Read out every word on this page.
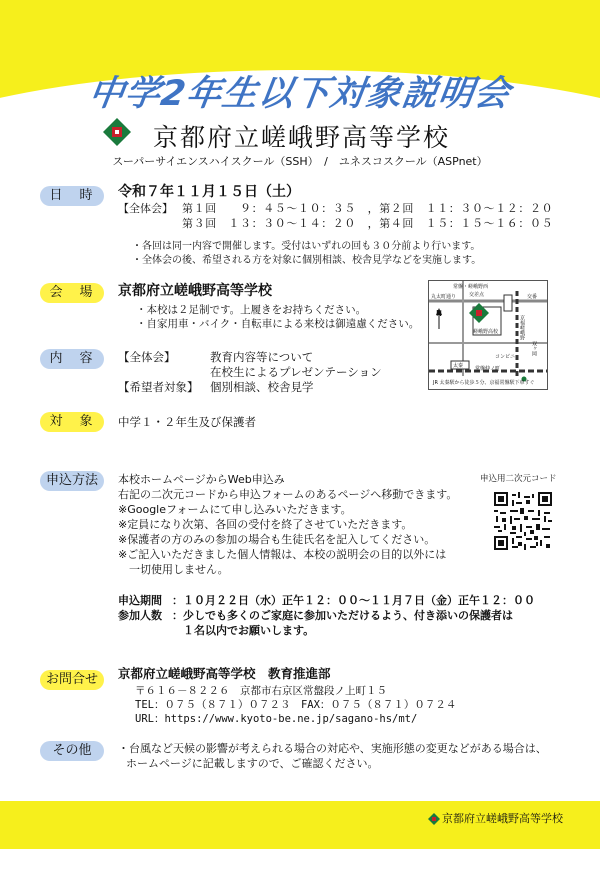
中学2年生以下対象説明会
京都府立嵯峨野高等学校
スーパーサイエンスハイスクール（SSH）　/　ユネスコスクール（ASPnet）
日　時	令和７年１１月１５日（土）
【全体会】 第１回　　９：４５～１０：３５　，第２回　１１：３０～１２：２０
第３回　１３：３０～１４：２０　，第４回　１５：１５～１６：０５
・各回は同一内容で開催します。受付はいずれの回も３０分前より行います。
・全体会の後、希望される方を対象に個別相談、校舎見学などを実施します。
会　場	京都府立嵯峨野高等学校
・本校は２足制です。上履きをお持ちください。
・自家用車・バイク・自転車による来校は御遠慮ください。
常盤・嵯峨野西
丸太町通り	交差点	交番
N
嵯峨野高校
コンビニ
京福嵯峨野
双ヶ岡
常盤仲ノ町
太秦
JR 太秦駅から徒歩５分、京福常盤駅下車すぐ
内　容	【全体会】	教育内容等について
在校生によるプレゼンテーション
【希望者対象】 個別相談、校舎見学
対　象	中学１・２年生及び保護者
申込方法	申込用二次元コード
本校ホームページからWeb申込み
右記の二次元コードから申込フォームのあるページへ移動できます。
※Googleフォームにて申し込みいただきます。
※定員になり次第、各回の受付を終了させていただきます。
※保護者の方のみの参加の場合も生徒氏名を記入してください。
※ご記入いただきました個人情報は、本校の説明会の目的以外には
　一切使用しません。
申込期間 ：１０月２２日（水）正午１２：００～１１月７日（金）正午１２：００
参加人数 ：少しでも多くのご家庭に参加いただけるよう、付き添いの保護者は
１名以内でお願いします。
お問合せ	京都府立嵯峨野高等学校　教育推進部
〒６１６－８２２６　京都市右京区常盤段ノ上町１５
TEL：０７５（８７１）０７２３　FAX：０７５（８７１）０７２４
URL：https://www.kyoto-be.ne.jp/sagano-hs/mt/
その他	・台風など天候の影響が考えられる場合の対応や、実施形態の変更などがある場合は、
ホームページに記載しますので、ご確認ください。
京都府立嵯峨野高等学校
